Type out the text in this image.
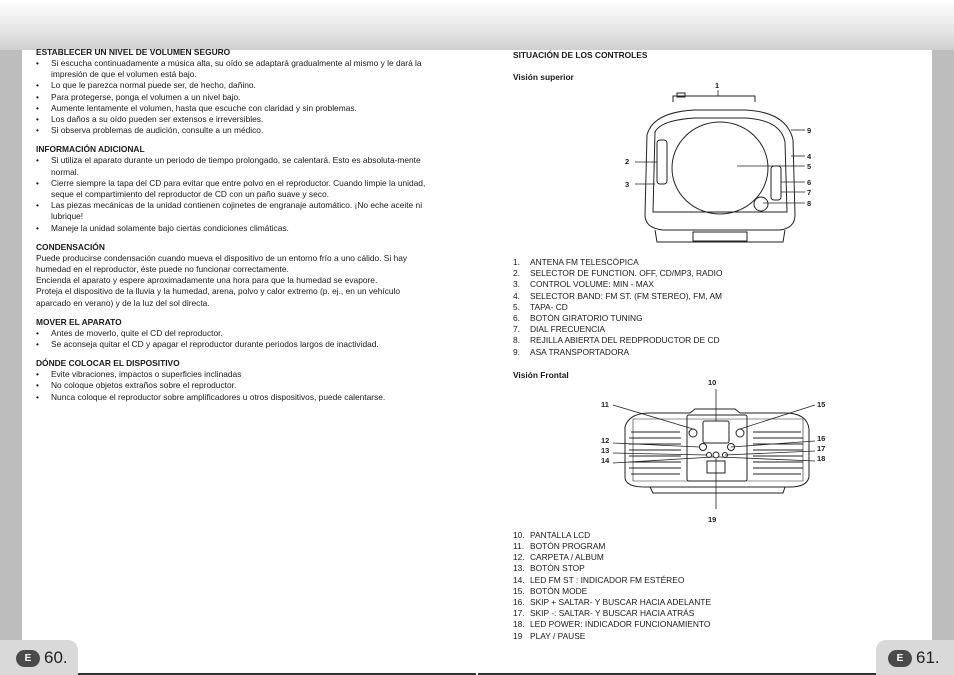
E 60.	E 61.
ESTABLECER UN NIVEL DE VOLUMEN SEGURO
• Si escucha continuadamente a música alta, su oído se adaptará gradualmente al mismo y le dará la impresión de que el volumen está bajo.
• Lo que le parezca normal puede ser, de hecho, dañino.
• Para protegerse, ponga el volumen a un nivel bajo.
• Aumente lentamente el volumen, hasta que escuche con claridad y sin problemas.
• Los daños a su oído pueden ser extensos e irreversibles.
• Si observa problemas de audición, consulte a un médico.
INFORMACIÓN ADICIONAL
• Si utiliza el aparato durante un periodo de tiempo prolongado, se calentará. Esto es absoluta-mente normal.
• Cierre siempre la tapa del CD para evitar que entre polvo en el reproductor. Cuando limpie la unidad, seque el compartimiento del reproductor de CD con un paño suave y seco.
• Las piezas mecánicas de la unidad contienen cojinetes de engranaje automático. ¡No eche aceite ni lubrique!
• Maneje la unidad solamente bajo ciertas condiciones climáticas.
CONDENSACIÓN

Puede producirse condensación cuando mueva el dispositivo de un entorno frío a uno cálido. Si hay humedad en el reproductor, éste puede no funcionar correctamente.

Encienda el aparato y espere aproximadamente una hora para que la humedad se evapore.

Proteja el dispositivo de la lluvia y la humedad, arena, polvo y calor extremo (p. ej., en un vehículo aparcado en verano) y de la luz del sol directa.

MOVER EL APARATO
• Antes de moverlo, quite el CD del reproductor.
• Se aconseja quitar el CD y apagar el reproductor durante periodos largos de inactividad.
DÓNDE COLOCAR EL DISPOSITIVO
• Evite vibraciones, impactos o superficies inclinadas
• No coloque objetos extraños sobre el reproductor.
• Nunca coloque el reproductor sobre amplificadores u otros dispositivos, puede calentarse.
SITUACIÓN DE LOS CONTROLES
Visión superior
1.	ANTENA FM TELESCÓPICA
2.	SELECTOR DE FUNCTION. OFF, CD/MP3, RADIO
3.	CONTROL VOLUME: MIN - MAX
4.	SELECTOR BAND: FM ST. (FM STEREO), FM, AM
5.	TAPA- CD
6.	BOTÓN GIRATORIO TUNING
7.	DIAL FRECUENCIA
8.	REJILLA ABIERTA DEL REDPRODUCTOR DE CD
9.	ASA TRANSPORTADORA
Visión Frontal
10. PANTALLA LCD
11. BOTÓN PROGRAM
12. CARPETA / ALBUM
13. BOTÓN STOP
14. LED FM ST : INDICADOR FM ESTÉREO
15. BOTÓN MODE
16. SKIP + SALTAR- Y BUSCAR HACIA ADELANTE
17. SKIP -: SALTAR- Y BUSCAR HACIA ATRÁS
18. LED POWER: INDICADOR FUNCIONAMIENTO
19 PLAY / PAUSE
1
2
3
4
5
6
7
8
9
10
11
12
13
14
15
16
17
18
19
